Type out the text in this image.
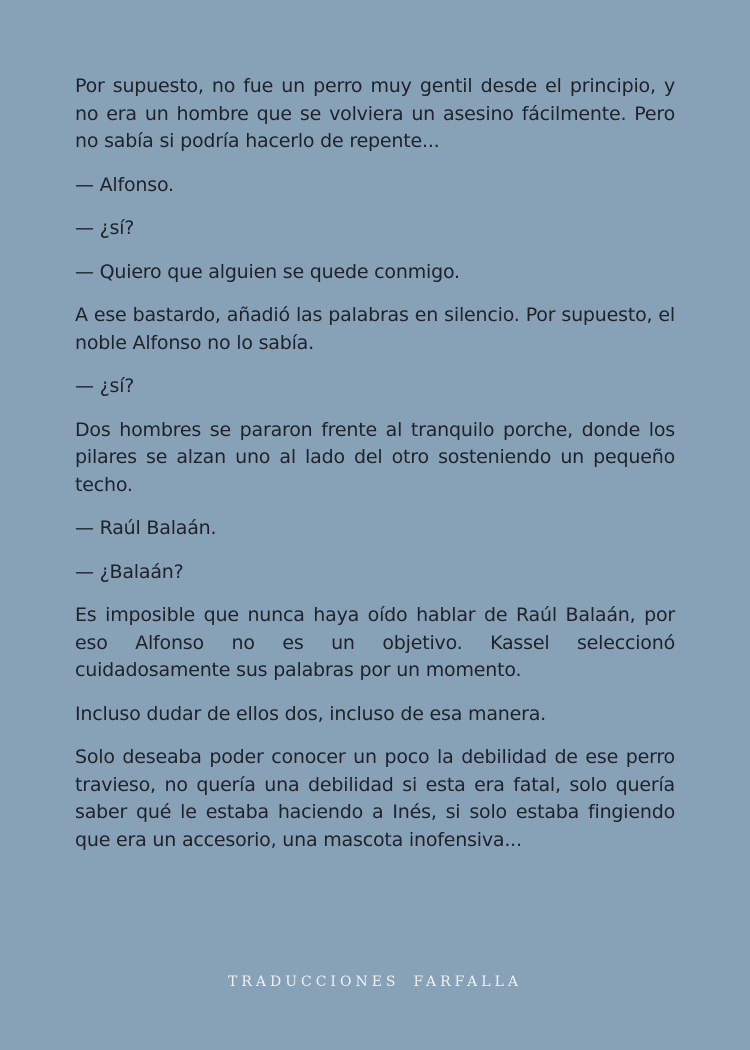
Por supuesto, no fue un perro muy gentil desde el principio, y no era un hombre que se volviera un asesino fácilmente. Pero no sabía si podría hacerlo de repente...

— Alfonso.

— ¿sí?

— Quiero que alguien se quede conmigo.

A ese bastardo, añadió las palabras en silencio. Por supuesto, el noble Alfonso no lo sabía.

— ¿sí?

Dos hombres se pararon frente al tranquilo porche, donde los pilares se alzan uno al lado del otro sosteniendo un pequeño techo.

— Raúl Balaán.

— ¿Balaán?

Es imposible que nunca haya oído hablar de Raúl Balaán, por eso Alfonso no es un objetivo. Kassel seleccionó cuidadosamente sus palabras por un momento.

Incluso dudar de ellos dos, incluso de esa manera.

Solo deseaba poder conocer un poco la debilidad de ese perro travieso, no quería una debilidad si esta era fatal, solo quería saber qué le estaba haciendo a Inés, si solo estaba fingiendo que era un accesorio, una mascota inofensiva...

TRADUCCIONES FARFALLA
